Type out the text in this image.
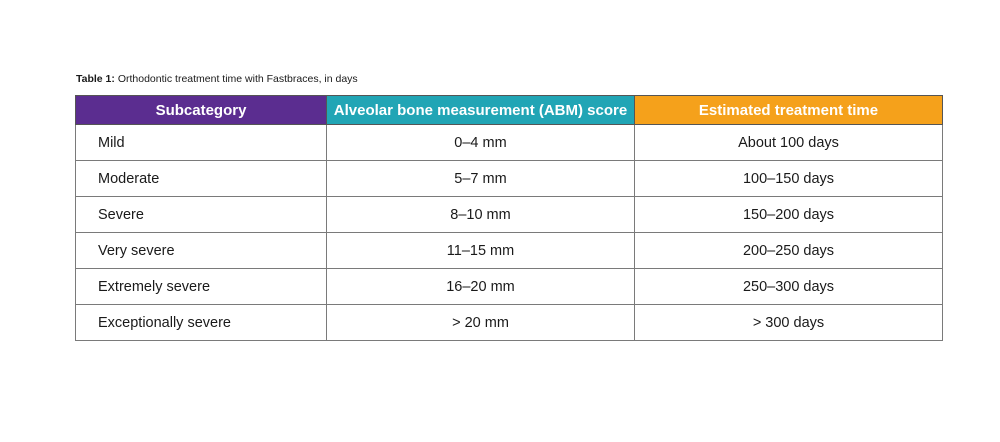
Table 1: Orthodontic treatment time with Fastbraces, in days
Subcategory	Alveolar bone measurement (ABM) score	Estimated treatment time
Mild	0–4 mm	About 100 days
Moderate	5–7 mm	100–150 days
Severe	8–10 mm	150–200 days
Very severe	11–15 mm	200–250 days
Extremely severe	16–20 mm	250–300 days
Exceptionally severe	> 20 mm	> 300 days
